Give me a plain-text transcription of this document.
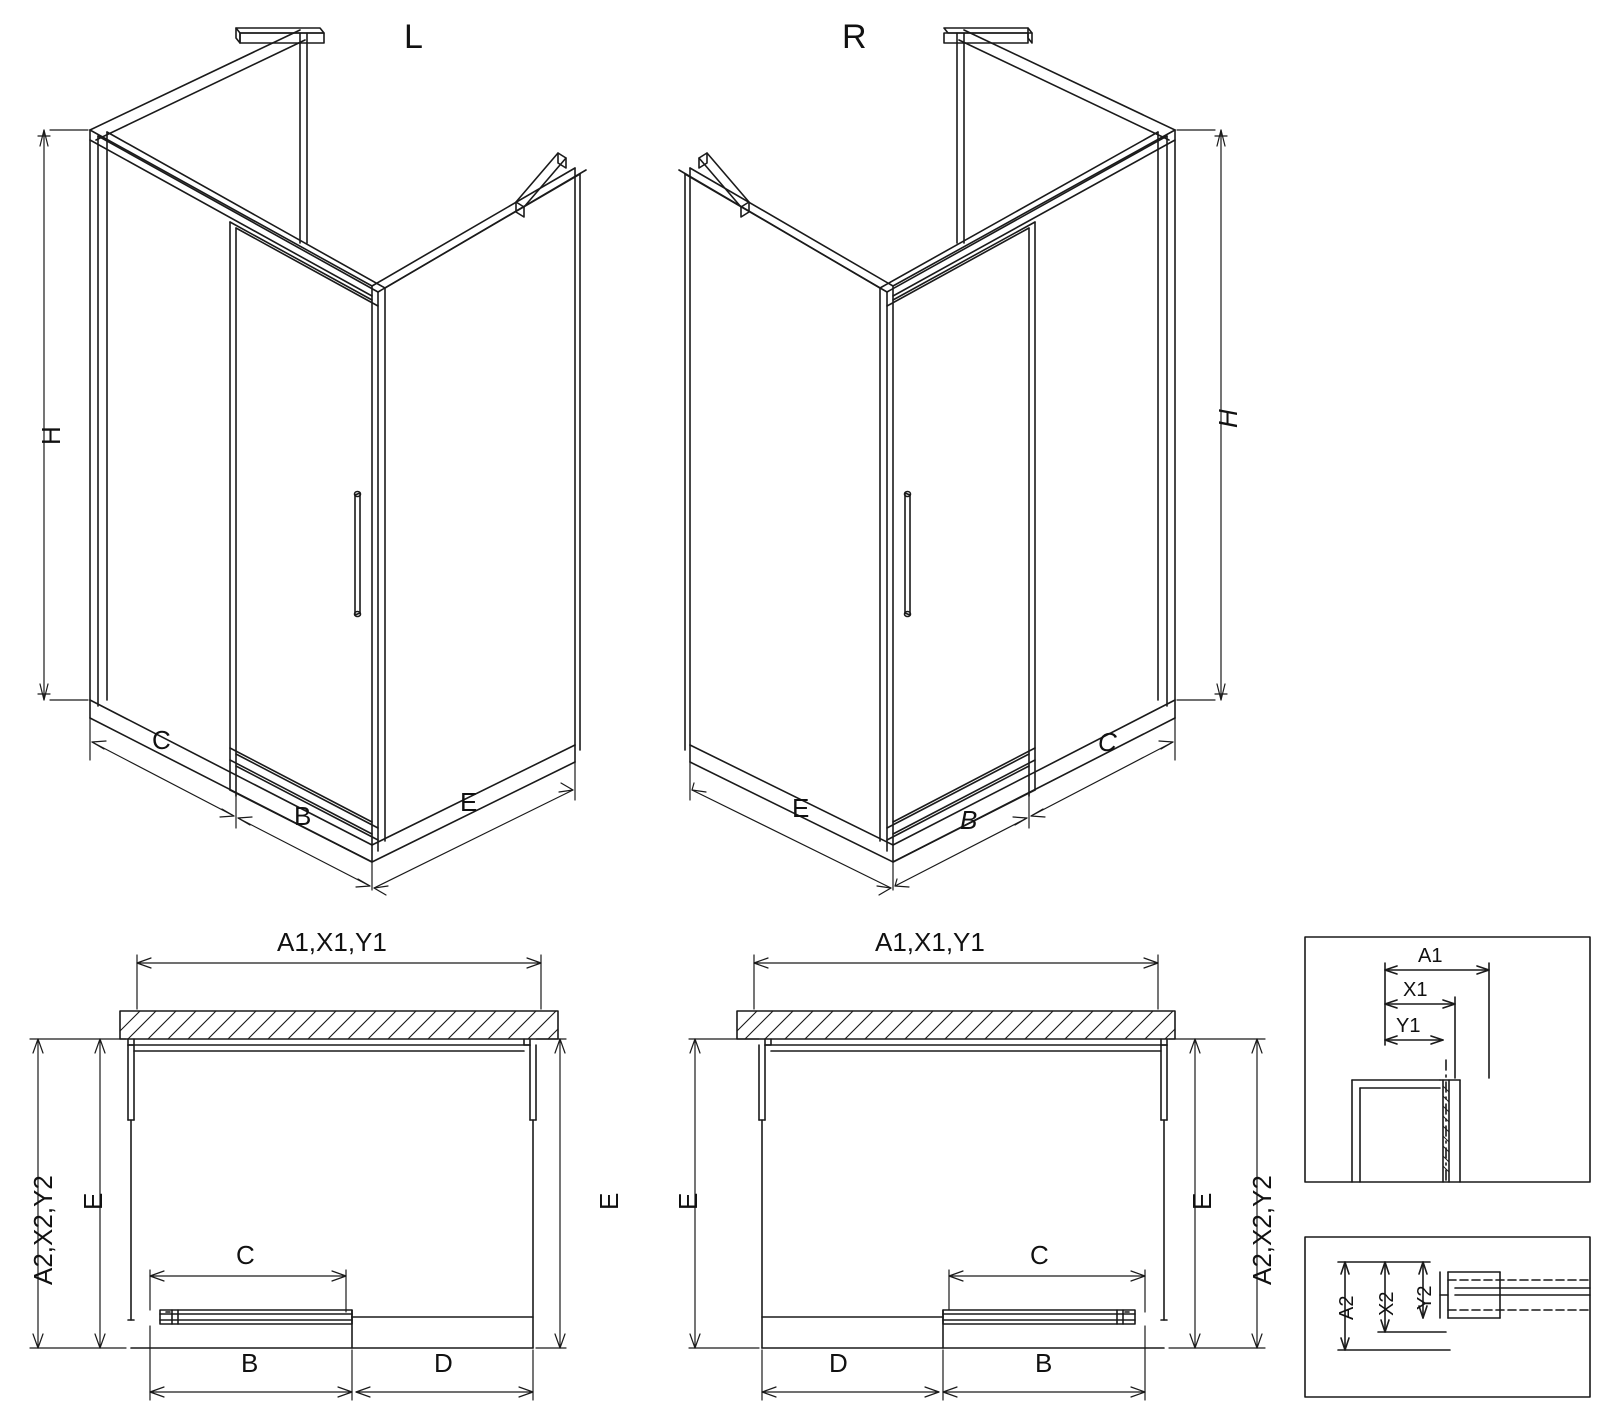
L	R
H
H
C
B	E
C
B
E
A1,X1,Y1
A2,X2,Y2 E	E
C
B	D
A1,X1,Y1
A2,X2,Y2
E	E
C
B
D
A1
X1
Y1
A2 X2 Y2
